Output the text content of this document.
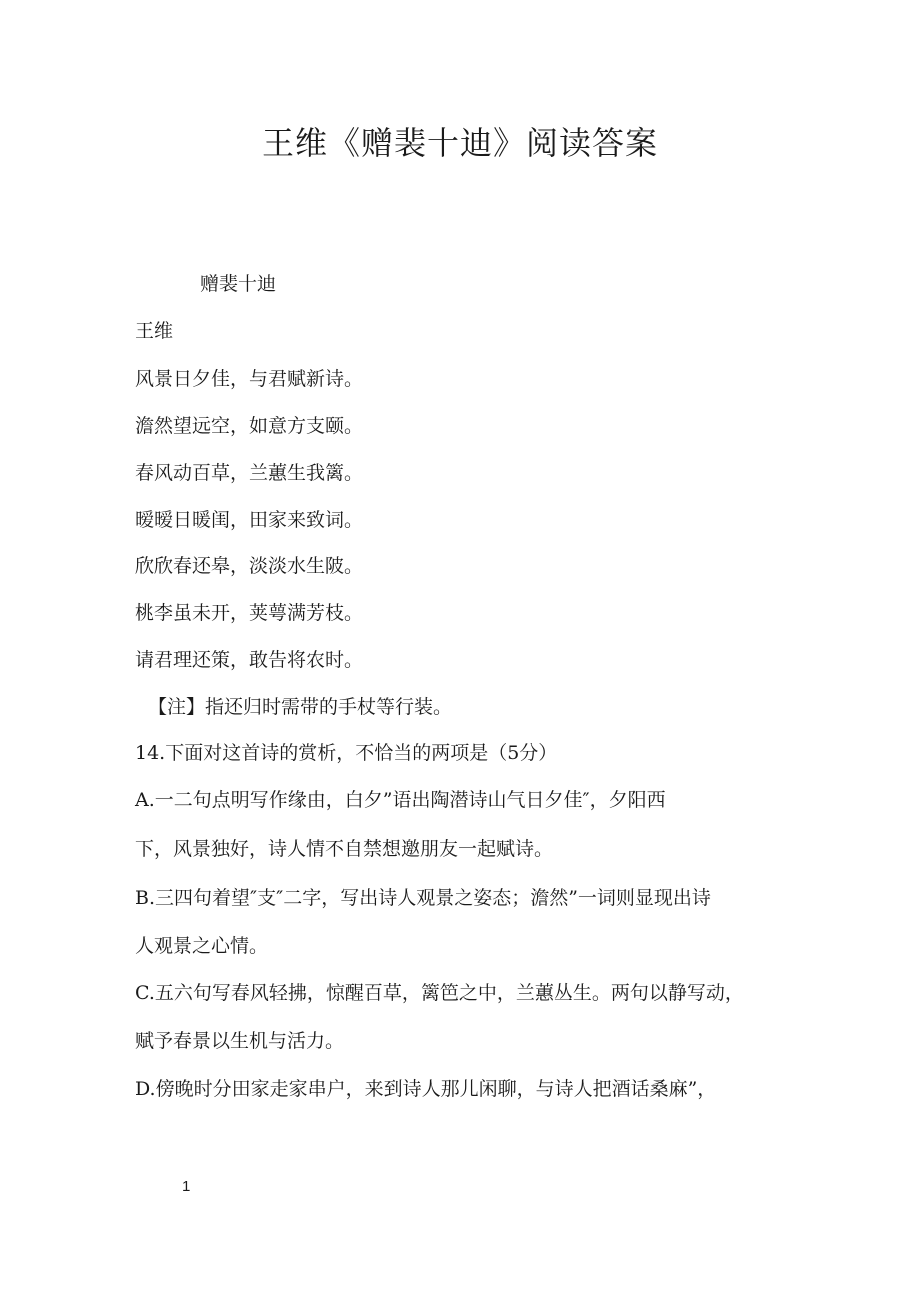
王维《赠裴十迪》阅读答案
赠裴十迪
王维
风景日夕佳，与君赋新诗。
澹然望远空，如意方支颐。
春风动百草，兰蕙生我篱。
暧暧日暖闺，田家来致词。
欣欣春还皋，淡淡水生陂。
桃李虽未开，荚萼满芳枝。
请君理还策，敢告将农时。
【注】指还归时需带的手杖等行装。
14.下面对这首诗的赏析，不恰当的两项是（5分）
A.一二句点明写作缘由，白夕”语出陶潜诗山气日夕佳″，夕阳西
下，风景独好，诗人情不自禁想邀朋友一起赋诗。
B.三四句着望″支″二字，写出诗人观景之姿态；澹然”一词则显现出诗
人观景之心情。
C.五六句写春风轻拂，惊醒百草，篱笆之中，兰蕙丛生。两句以静写动，
赋予春景以生机与活力。
D.傍晚时分田家走家串户，来到诗人那儿闲聊，与诗人把酒话桑麻”，
1
